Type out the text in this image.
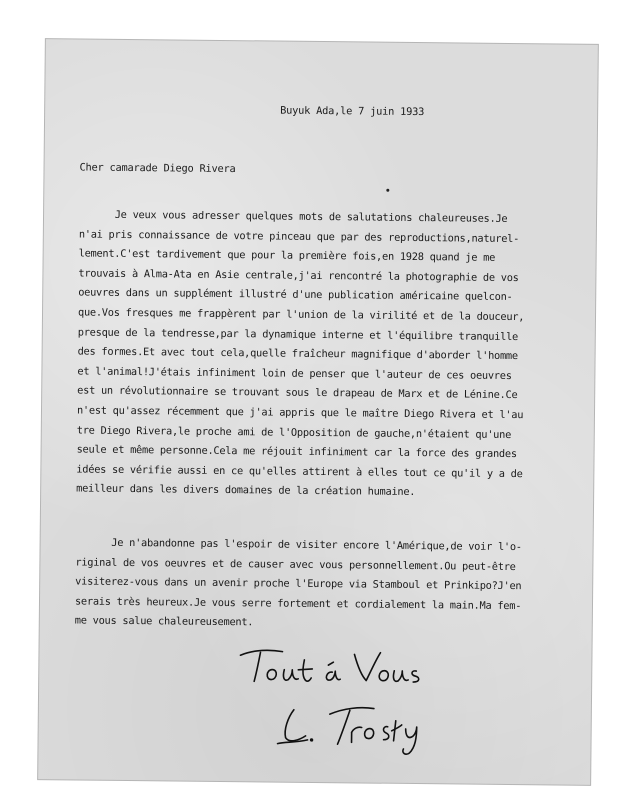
Buyuk Ada,le 7 juin 1933
Cher camarade Diego Rivera
Je veux vous adresser quelques mots de salutations chaleureuses.Je
n'ai pris connaissance de votre pinceau que par des reproductions,naturel-
lement.C'est tardivement que pour la première fois,en 1928 quand je me
trouvais à Alma-Ata en Asie centrale,j'ai rencontré la photographie de vos
oeuvres dans un supplément illustré d'une publication américaine quelcon-
que.Vos fresques me frappèrent par l'union de la virilité et de la douceur,
presque de la tendresse,par la dynamique interne et l'équilibre tranquille
des formes.Et avec tout cela,quelle fraîcheur magnifique d'aborder l'homme
et l'animal!J'étais infiniment loin de penser que l'auteur de ces oeuvres
est un révolutionnaire se trouvant sous le drapeau de Marx et de Lénine.Ce
n'est qu'assez récemment que j'ai appris que le maître Diego Rivera et l'au
tre Diego Rivera,le proche ami de l'Opposition de gauche,n'étaient qu'une
seule et même personne.Cela me réjouit infiniment car la force des grandes
idées se vérifie aussi en ce qu'elles attirent à elles tout ce qu'il y a de
meilleur dans les divers domaines de la création humaine.
Je n'abandonne pas l'espoir de visiter encore l'Amérique,de voir l'o-
riginal de vos oeuvres et de causer avec vous personnellement.Ou peut-être
visiterez-vous dans un avenir proche l'Europe via Stamboul et Prinkipo?J'en
serais très heureux.Je vous serre fortement et cordialement la main.Ma fem-
me vous salue chaleureusement.
